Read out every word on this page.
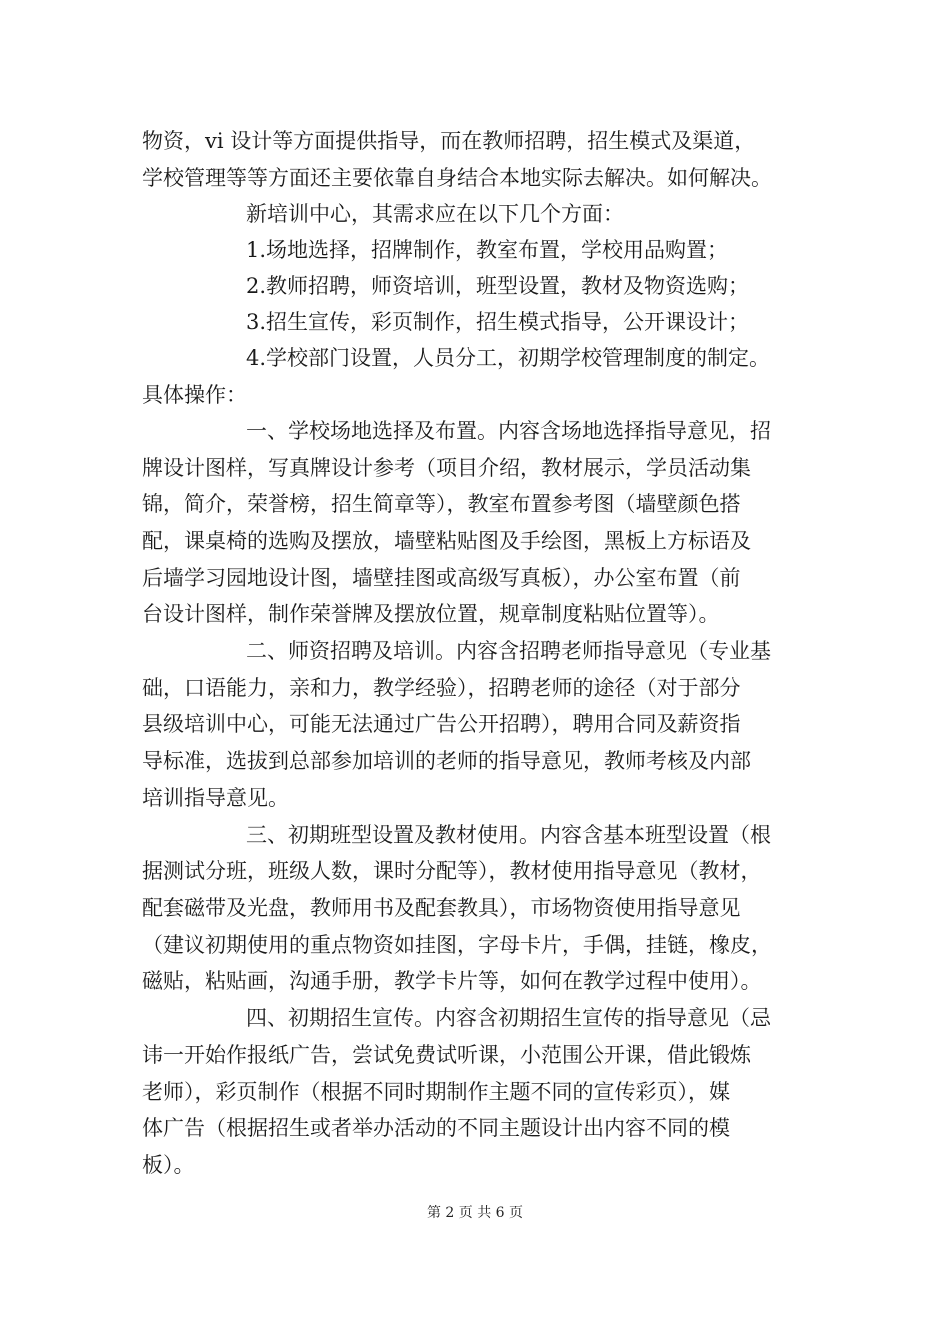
物资，vi 设计等方面提供指导，而在教师招聘，招生模式及渠道，
学校管理等等方面还主要依靠自身结合本地实际去解决。如何解决。
新培训中心，其需求应在以下几个方面：
1.场地选择，招牌制作，教室布置，学校用品购置；
2.教师招聘，师资培训，班型设置，教材及物资选购；
3.招生宣传，彩页制作，招生模式指导，公开课设计；
4.学校部门设置，人员分工，初期学校管理制度的制定。
具体操作：
一、学校场地选择及布置。内容含场地选择指导意见，招
牌设计图样，写真牌设计参考（项目介绍，教材展示，学员活动集
锦，简介，荣誉榜，招生简章等），教室布置参考图（墙壁颜色搭
配，课桌椅的选购及摆放，墙壁粘贴图及手绘图，黑板上方标语及
后墙学习园地设计图，墙壁挂图或高级写真板），办公室布置（前
台设计图样，制作荣誉牌及摆放位置，规章制度粘贴位置等）。
二、师资招聘及培训。内容含招聘老师指导意见（专业基
础，口语能力，亲和力，教学经验），招聘老师的途径（对于部分
县级培训中心，可能无法通过广告公开招聘），聘用合同及薪资指
导标准，选拔到总部参加培训的老师的指导意见，教师考核及内部
培训指导意见。
三、初期班型设置及教材使用。内容含基本班型设置（根
据测试分班，班级人数，课时分配等），教材使用指导意见（教材，
配套磁带及光盘，教师用书及配套教具），市场物资使用指导意见
（建议初期使用的重点物资如挂图，字母卡片，手偶，挂链，橡皮，
磁贴，粘贴画，沟通手册，教学卡片等，如何在教学过程中使用）。
四、初期招生宣传。内容含初期招生宣传的指导意见（忌
讳一开始作报纸广告，尝试免费试听课，小范围公开课，借此锻炼
老师），彩页制作（根据不同时期制作主题不同的宣传彩页），媒
体广告（根据招生或者举办活动的不同主题设计出内容不同的模
板）。
第 2 页 共 6 页
